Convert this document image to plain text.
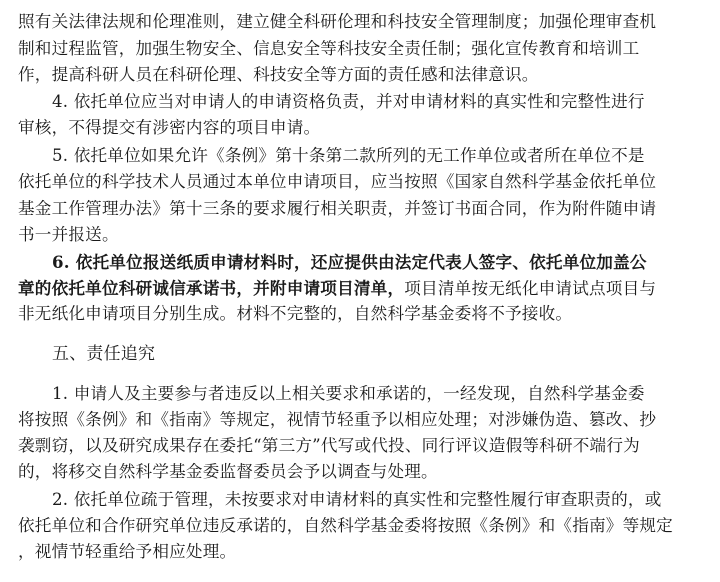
照有关法律法规和伦理准则，建立健全科研伦理和科技安全管理制度；加强伦理审查机
制和过程监管，加强生物安全、信息安全等科技安全责任制；强化宣传教育和培训工
作，提高科研人员在科研伦理、科技安全等方面的责任感和法律意识。
4. 依托单位应当对申请人的申请资格负责，并对申请材料的真实性和完整性进行
审核，不得提交有涉密内容的项目申请。
5. 依托单位如果允许《条例》第十条第二款所列的无工作单位或者所在单位不是
依托单位的科学技术人员通过本单位申请项目，应当按照《国家自然科学基金依托单位
基金工作管理办法》第十三条的要求履行相关职责，并签订书面合同，作为附件随申请
书一并报送。
6. 依托单位报送纸质申请材料时，还应提供由法定代表人签字、依托单位加盖公
章的依托单位科研诚信承诺书，并附申请项目清单，项目清单按无纸化申请试点项目与
非无纸化申请项目分别生成。材料不完整的，自然科学基金委将不予接收。
五、责任追究
1. 申请人及主要参与者违反以上相关要求和承诺的，一经发现，自然科学基金委
将按照《条例》和《指南》等规定，视情节轻重予以相应处理；对涉嫌伪造、篡改、抄
袭剽窃，以及研究成果存在委托“第三方”代写或代投、同行评议造假等科研不端行为
的，将移交自然科学基金委监督委员会予以调查与处理。
2. 依托单位疏于管理，未按要求对申请材料的真实性和完整性履行审查职责的，或
依托单位和合作研究单位违反承诺的，自然科学基金委将按照《条例》和《指南》等规定
，视情节轻重给予相应处理。
